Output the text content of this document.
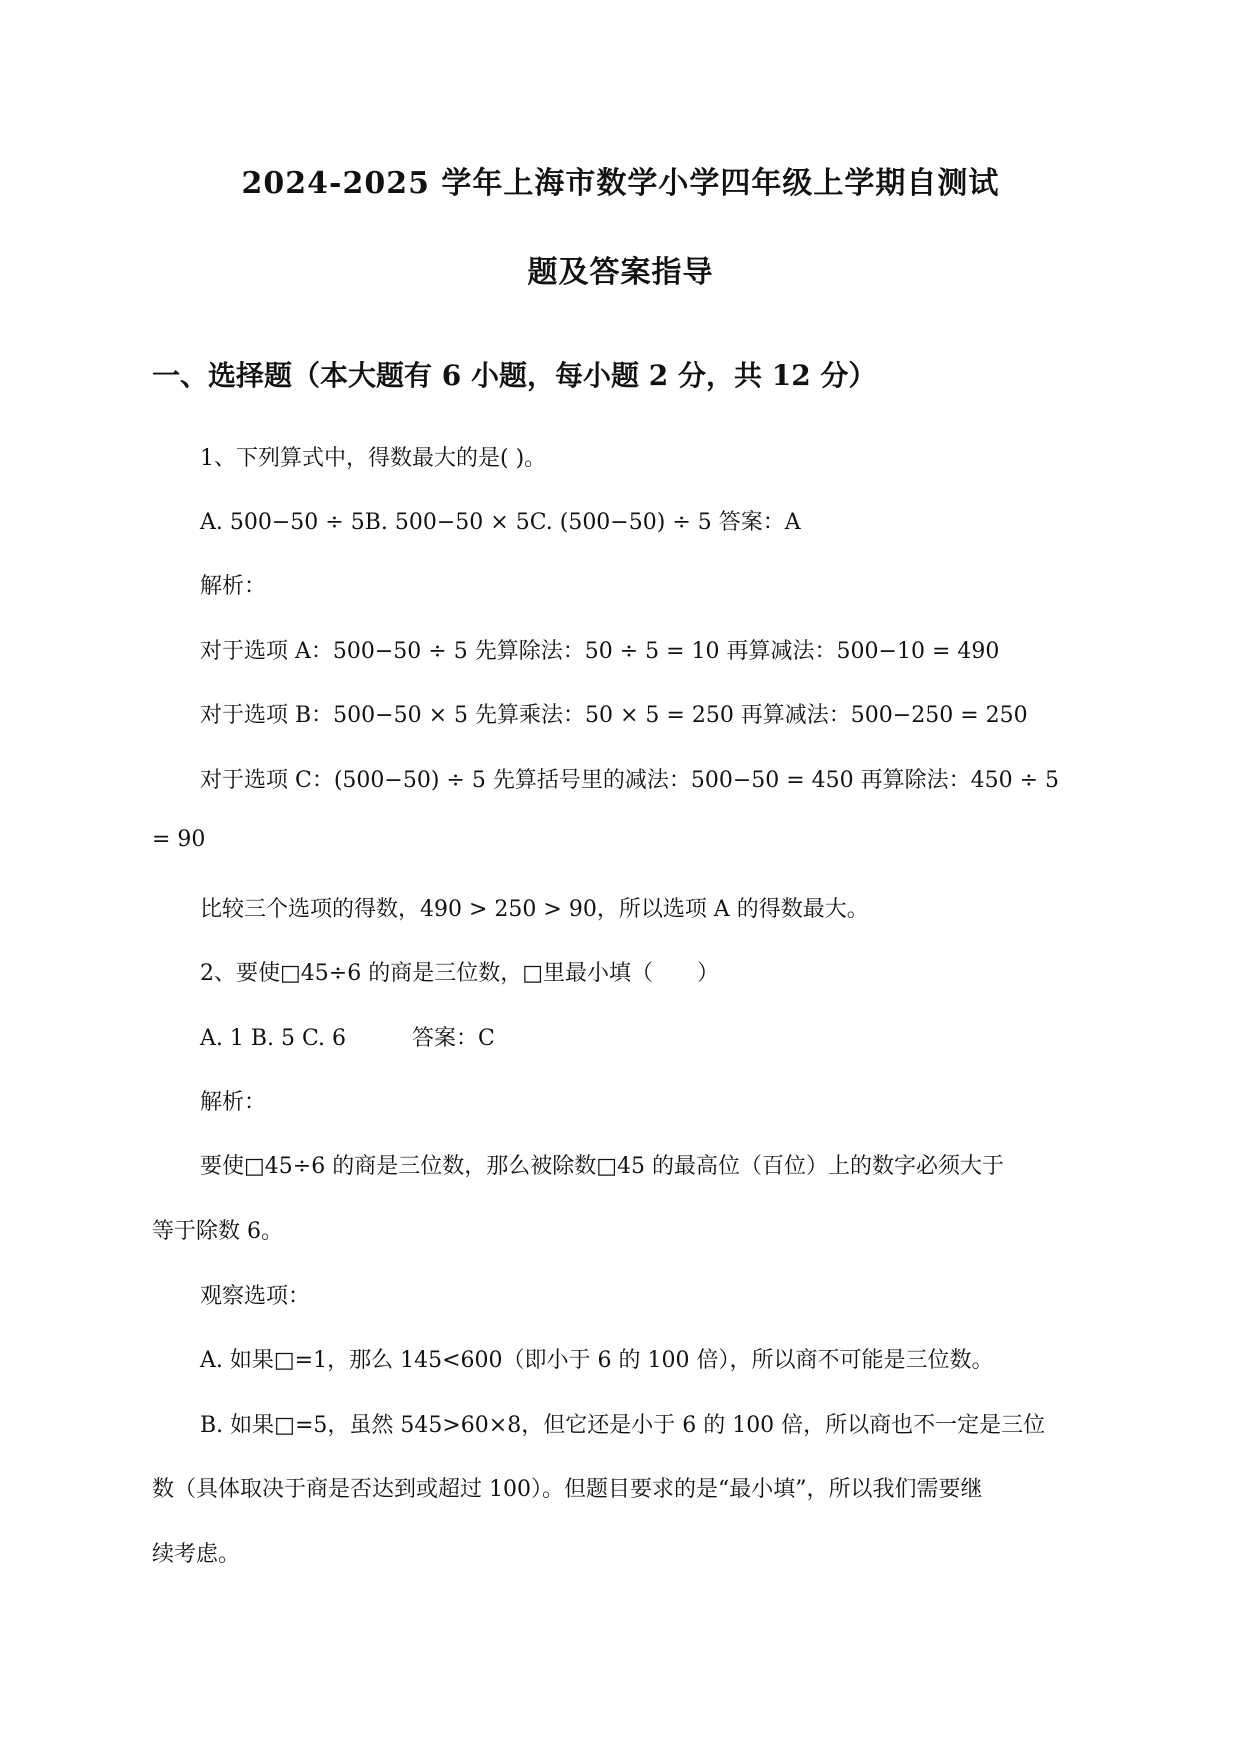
2024-2025 学年上海市数学小学四年级上学期自测试
题及答案指导
一、选择题（本大题有 6 小题，每小题 2 分，共 12 分）
1、下列算式中，得数最大的是( )。
A. 500−50 ÷ 5B. 500−50 × 5C. (500−50) ÷ 5 答案：A
解析：
对于选项 A：500−50 ÷ 5 先算除法：50 ÷ 5 = 10 再算减法：500−10 = 490
对于选项 B：500−50 × 5 先算乘法：50 × 5 = 250 再算减法：500−250 = 250
对于选项 C：(500−50) ÷ 5 先算括号里的减法：500−50 = 450 再算除法：450 ÷ 5
= 90
比较三个选项的得数，490 > 250 > 90，所以选项 A 的得数最大。
2、要使□45÷6 的商是三位数，□里最小填（　　）
A. 1 B. 5 C. 6　　　答案：C
解析：
要使□45÷6 的商是三位数，那么被除数□45 的最高位（百位）上的数字必须大于
等于除数 6。
观察选项：
A. 如果□=1，那么 145<600（即小于 6 的 100 倍），所以商不可能是三位数。
B. 如果□=5，虽然 545>60×8，但它还是小于 6 的 100 倍，所以商也不一定是三位
数（具体取决于商是否达到或超过 100）。但题目要求的是“最小填”，所以我们需要继
续考虑。
